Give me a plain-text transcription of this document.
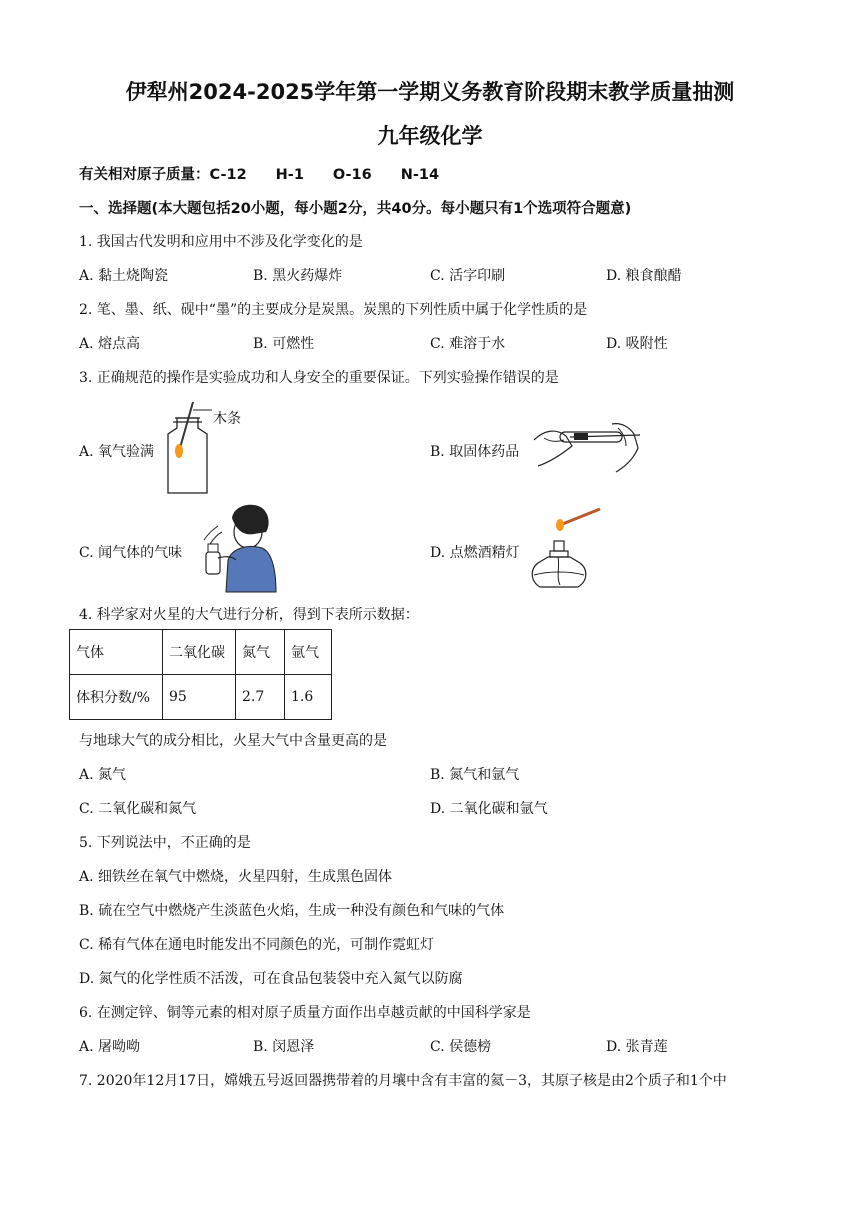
伊犁州2024-2025学年第一学期义务教育阶段期末教学质量抽测
九年级化学
有关相对原子质量：C-12　　H-1　　O-16　　N-14
一、选择题(本大题包括20小题，每小题2分，共40分。每小题只有1个选项符合题意)
1. 我国古代发明和应用中不涉及化学变化的是
A. 黏土烧陶瓷	B. 黑火药爆炸	C. 活字印刷	D. 粮食酿醋
2. 笔、墨、纸、砚中“墨”的主要成分是炭黑。炭黑的下列性质中属于化学性质的是
A. 熔点高	B. 可燃性	C. 难溶于水	D. 吸附性
3. 正确规范的操作是实验成功和人身安全的重要保证。下列实验操作错误的是
A. 氧气验满	B. 取固体药品
C. 闻气体的气味	D. 点燃酒精灯
木条
4. 科学家对火星的大气进行分析，得到下表所示数据：
气体	二氧化碳	氮气	氩气
体积分数/%	95	2.7	1.6
与地球大气的成分相比，火星大气中含量更高的是
A. 氮气	B. 氮气和氩气
C. 二氧化碳和氮气	D. 二氧化碳和氩气
5. 下列说法中，不正确的是
A. 细铁丝在氧气中燃烧，火星四射，生成黑色固体
B. 硫在空气中燃烧产生淡蓝色火焰，生成一种没有颜色和气味的气体
C. 稀有气体在通电时能发出不同颜色的光，可制作霓虹灯
D. 氮气的化学性质不活泼，可在食品包装袋中充入氮气以防腐
6. 在测定锌、铜等元素的相对原子质量方面作出卓越贡献的中国科学家是
A. 屠呦呦	B. 闵恩泽	C. 侯德榜	D. 张青莲
7. 2020年12月17日，嫦娥五号返回器携带着的月壤中含有丰富的氦－3，其原子核是由2个质子和1个中
